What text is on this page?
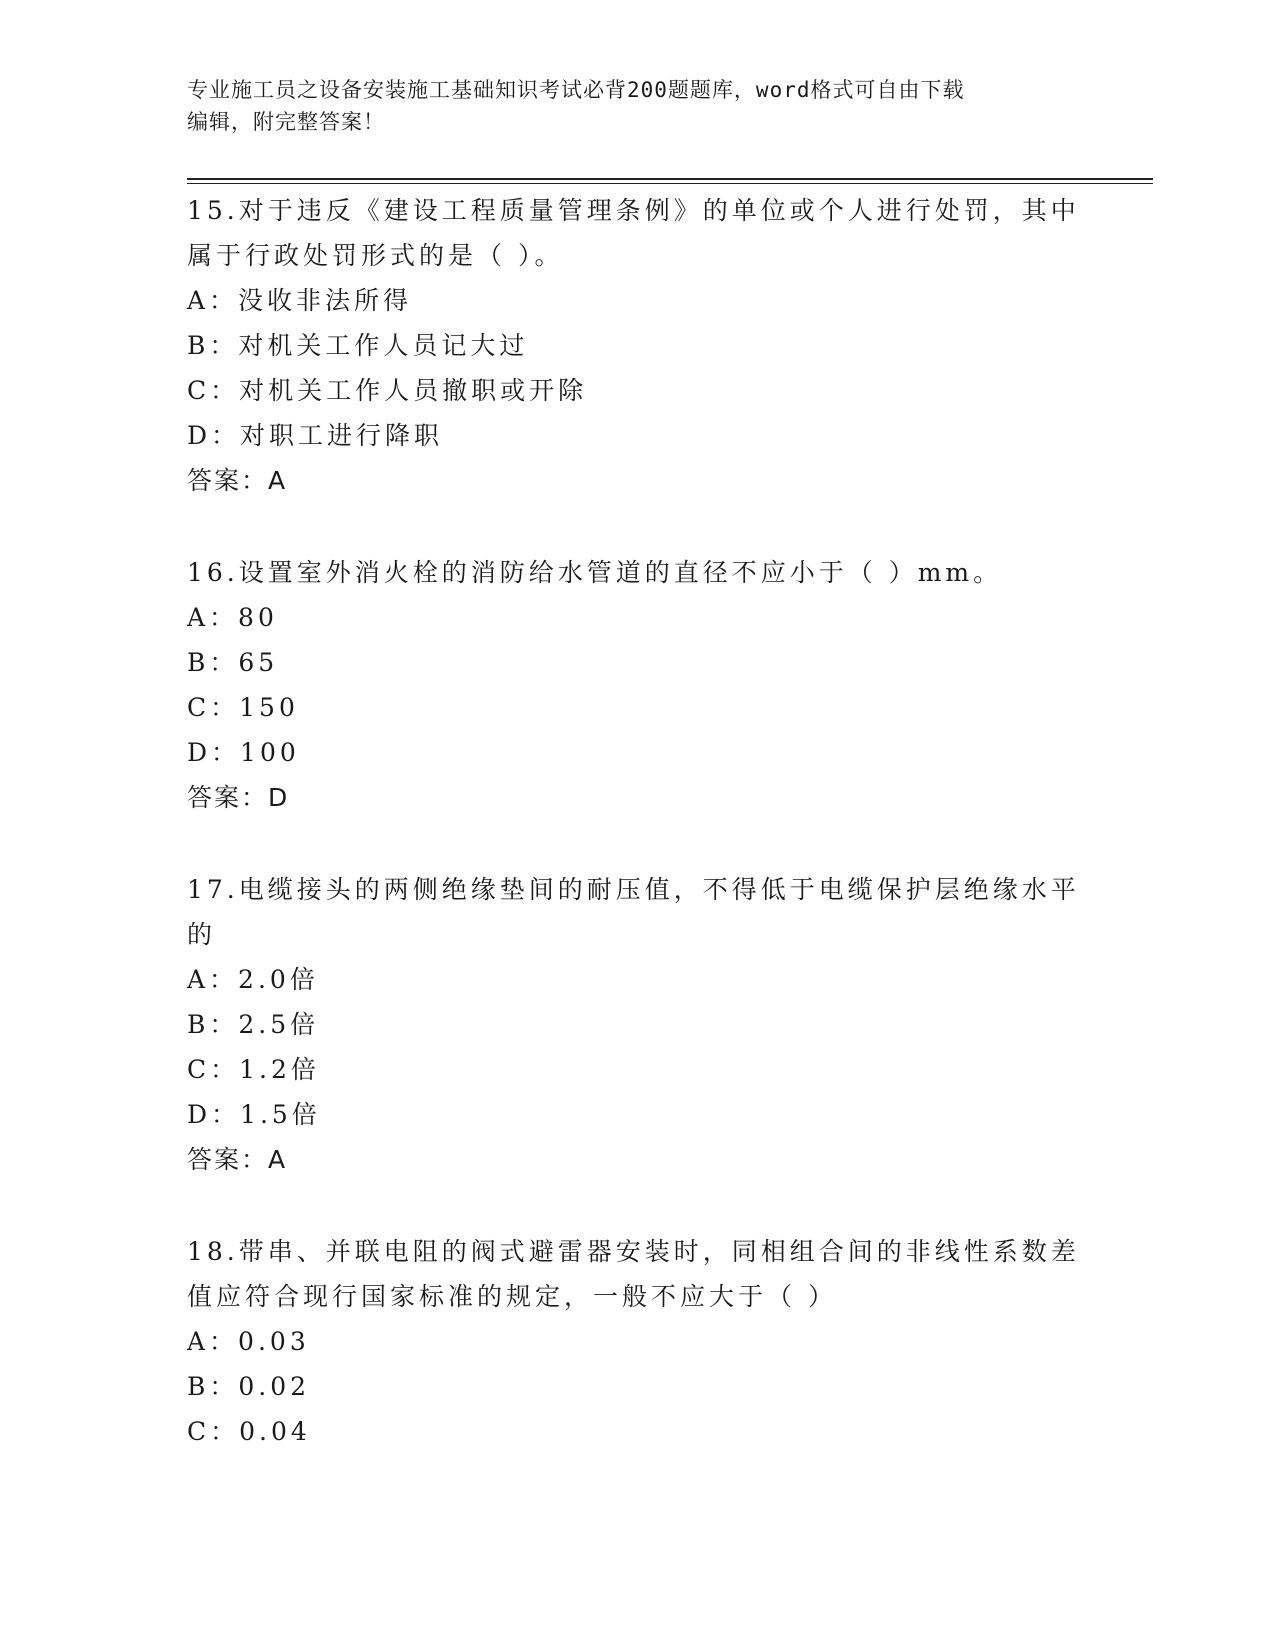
专业施工员之设备安装施工基础知识考试必背200题题库，word格式可自由下载
编辑，附完整答案！
15.对于违反《建设工程质量管理条例》的单位或个人进行处罚，其中
属于行政处罚形式的是（ ）。
A：没收非法所得
B：对机关工作人员记大过
C：对机关工作人员撤职或开除
D：对职工进行降职
答案：A
16.设置室外消火栓的消防给水管道的直径不应小于（ ）mm。
A：80
B：65
C：150
D：100
答案：D
17.电缆接头的两侧绝缘垫间的耐压值，不得低于电缆保护层绝缘水平
的
A：2.0倍
B：2.5倍
C：1.2倍
D：1.5倍
答案：A
18.带串、并联电阻的阀式避雷器安装时，同相组合间的非线性系数差
值应符合现行国家标准的规定，一般不应大于（ ）
A：0.03
B：0.02
C：0.04
